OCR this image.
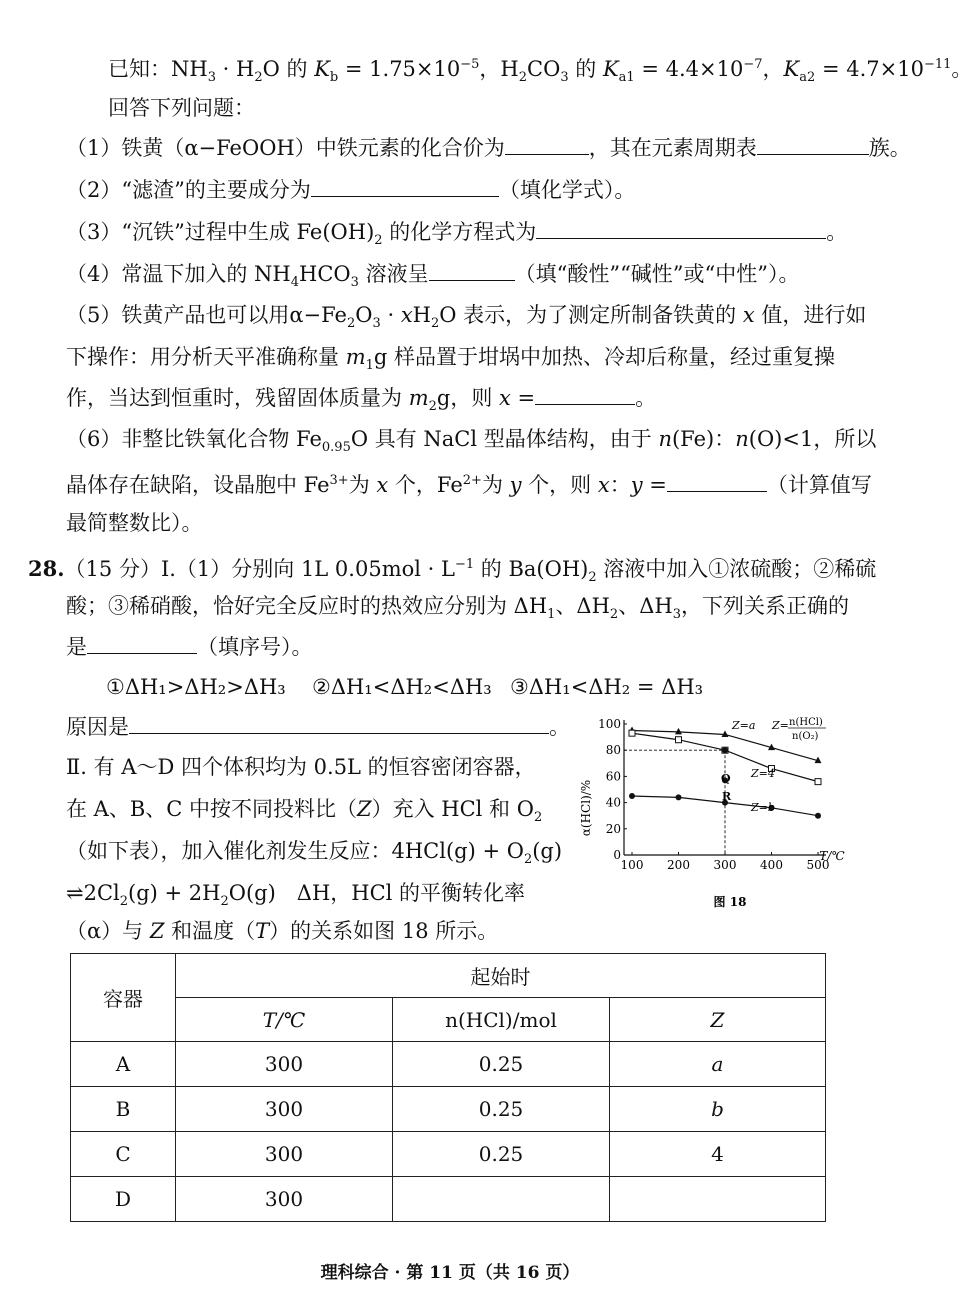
已知：$NH_3 \cdot H_2O$ 的 $K_b = 1.75\times 10^{-5}$，$H_2CO_3$ 的 $K_{a1} = 4.4\times 10^{-7}$，$K_{a2} = 4.7\times 10^{-11}$。
回答下列问题：
（1）铁黄（α−FeOOH）中铁元素的化合价为	，其在元素周期表	族。
（2）“滤渣”的主要成分为	（填化学式）。
（3）“沉铁”过程中生成 $Fe(OH)_2$ 的化学方程式为	。
（4）常温下加入的 $NH_4HCO_3$ 溶液呈	（填“酸性”“碱性”或“中性”）。
（5）铁黄产品也可以用$\alpha-Fe_2O_3 \cdot xH_2O$ 表示，为了测定所制备铁黄的 x 值，进行如
下操作：用分析天平准确称量 $m_1g$ 样品置于坩埚中加热、冷却后称量，经过重复操
作，当达到恒重时，残留固体质量为 $m_2g$，则 x =	。
（6）非整比铁氧化合物 $Fe_{0.95}O$ 具有 NaCl 型晶体结构，由于 n(Fe)：n(O)<1，所以
晶体存在缺陷，设晶胞中 $Fe^{3+}$为 x 个，$Fe^{2+}$为 y 个，则 x：y =	（计算值写
最简整数比）。
28.（15 分）Ⅰ.（1）分别向 1L $0.05mol \cdot L^{-1}$ 的 $Ba(OH)_2$ 溶液中加入①浓硫酸；②稀硫
酸；③稀硝酸，恰好完全反应时的热效应分别为 $\Delta H_1$、$\Delta H_2$、$\Delta H_3$，下列关系正确的
是	（填序号）。
①ΔH₁>ΔH₂>ΔH₃ ②ΔH₁<ΔH₂<ΔH₃ ③ΔH₁<ΔH₂ = ΔH₃
原因是	。
Ⅱ. 有 A～D 四个体积均为 0.5L 的恒容密闭容器，
在 A、B、C 中按不同投料比（Z）充入 HCl 和 $O_2$
（如下表），加入催化剂发生反应：$4HCl(g) + O_2(g)$
$\rightleftharpoons 2Cl_2(g) + 2H_2O(g)$　ΔH，HCl 的平衡转化率
（α）与 Z 和温度（T）的关系如图 18 所示。
100 200 300 400 500
0
20
40
60
80
100
α(HCl)/%
T/℃
Z=a Z= n(HCl)
n(O₂)
Z=4
Z=b
Q
R
图 18
容器	起始时		
	T/℃	n(HCl)/mol	Z
A	300	0.25	a
B	300	0.25	b
C	300	0.25	4
D	300		
理科综合 · 第 11 页（共 16 页）
